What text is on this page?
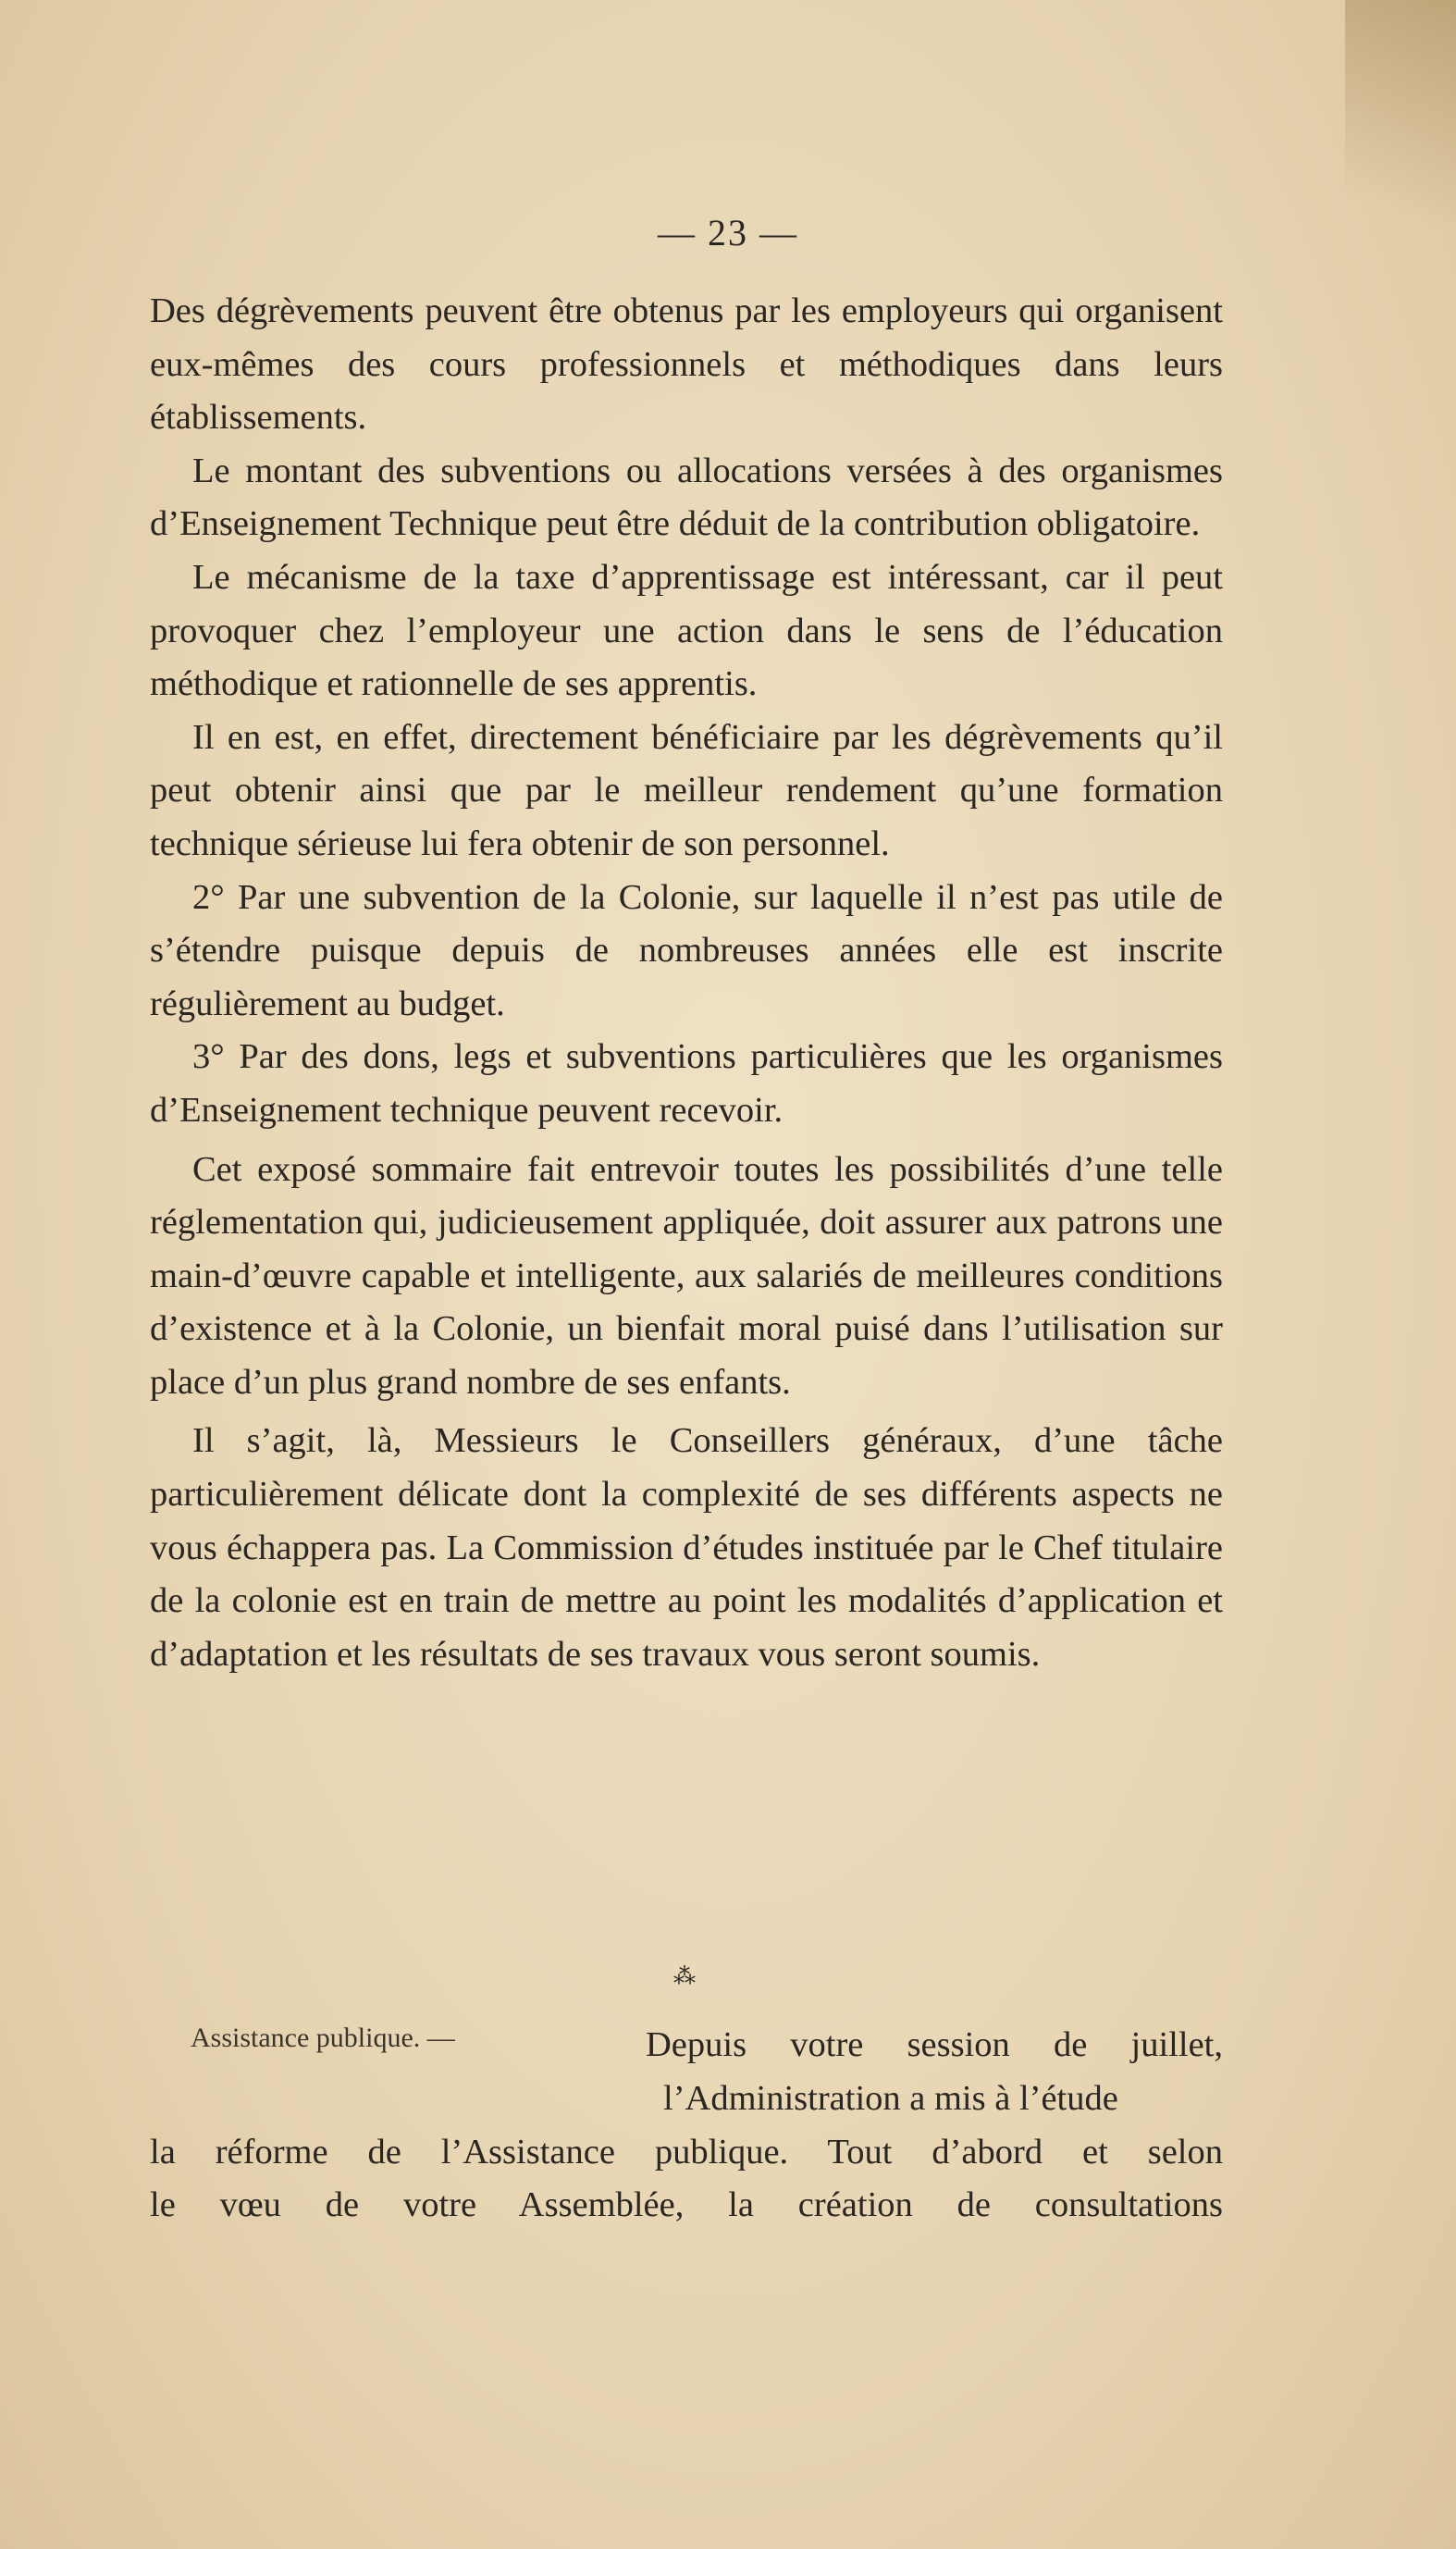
— 23 —

Des dégrèvements peuvent être obtenus par les employeurs qui organisent eux-mêmes des cours professionnels et méthodiques dans leurs établissements.

Le montant des subventions ou allocations versées à des organismes d’Enseignement Technique peut être déduit de la contribution obligatoire.

Le mécanisme de la taxe d’apprentissage est intéressant, car il peut provoquer chez l’employeur une action dans le sens de l’éducation méthodique et rationnelle de ses apprentis.

Il en est, en effet, directement bénéficiaire par les dégrèvements qu’il peut obtenir ainsi que par le meilleur rendement qu’une formation technique sérieuse lui fera obtenir de son personnel.

2° Par une subvention de la Colonie, sur laquelle il n’est pas utile de s’étendre puisque depuis de nombreuses années elle est inscrite régulièrement au budget.

3° Par des dons, legs et subventions particulières que les organismes d’Enseignement technique peuvent recevoir.

Cet exposé sommaire fait entrevoir toutes les possibilités d’une telle réglementation qui, judicieusement appliquée, doit assurer aux patrons une main-d’œuvre capable et intelligente, aux salariés de meilleures conditions d’existence et à la Colonie, un bienfait moral puisé dans l’utilisation sur place d’un plus grand nombre de ses enfants.

Il s’agit, là, Messieurs le Conseillers généraux, d’une tâche particulièrement délicate dont la complexité de ses différents aspects ne vous échappera pas. La Commission d’études instituée par le Chef titulaire de la colonie est en train de mettre au point les modalités d’application et d’adaptation et les résultats de ses travaux vous seront soumis.

⁂
Assistance publique. —	Depuis votre session de juillet,
l’Administration a mis à l’étude
la réforme de l’Assistance publique. Tout d’abord et selon
le vœu de votre Assemblée, la création de consultations
